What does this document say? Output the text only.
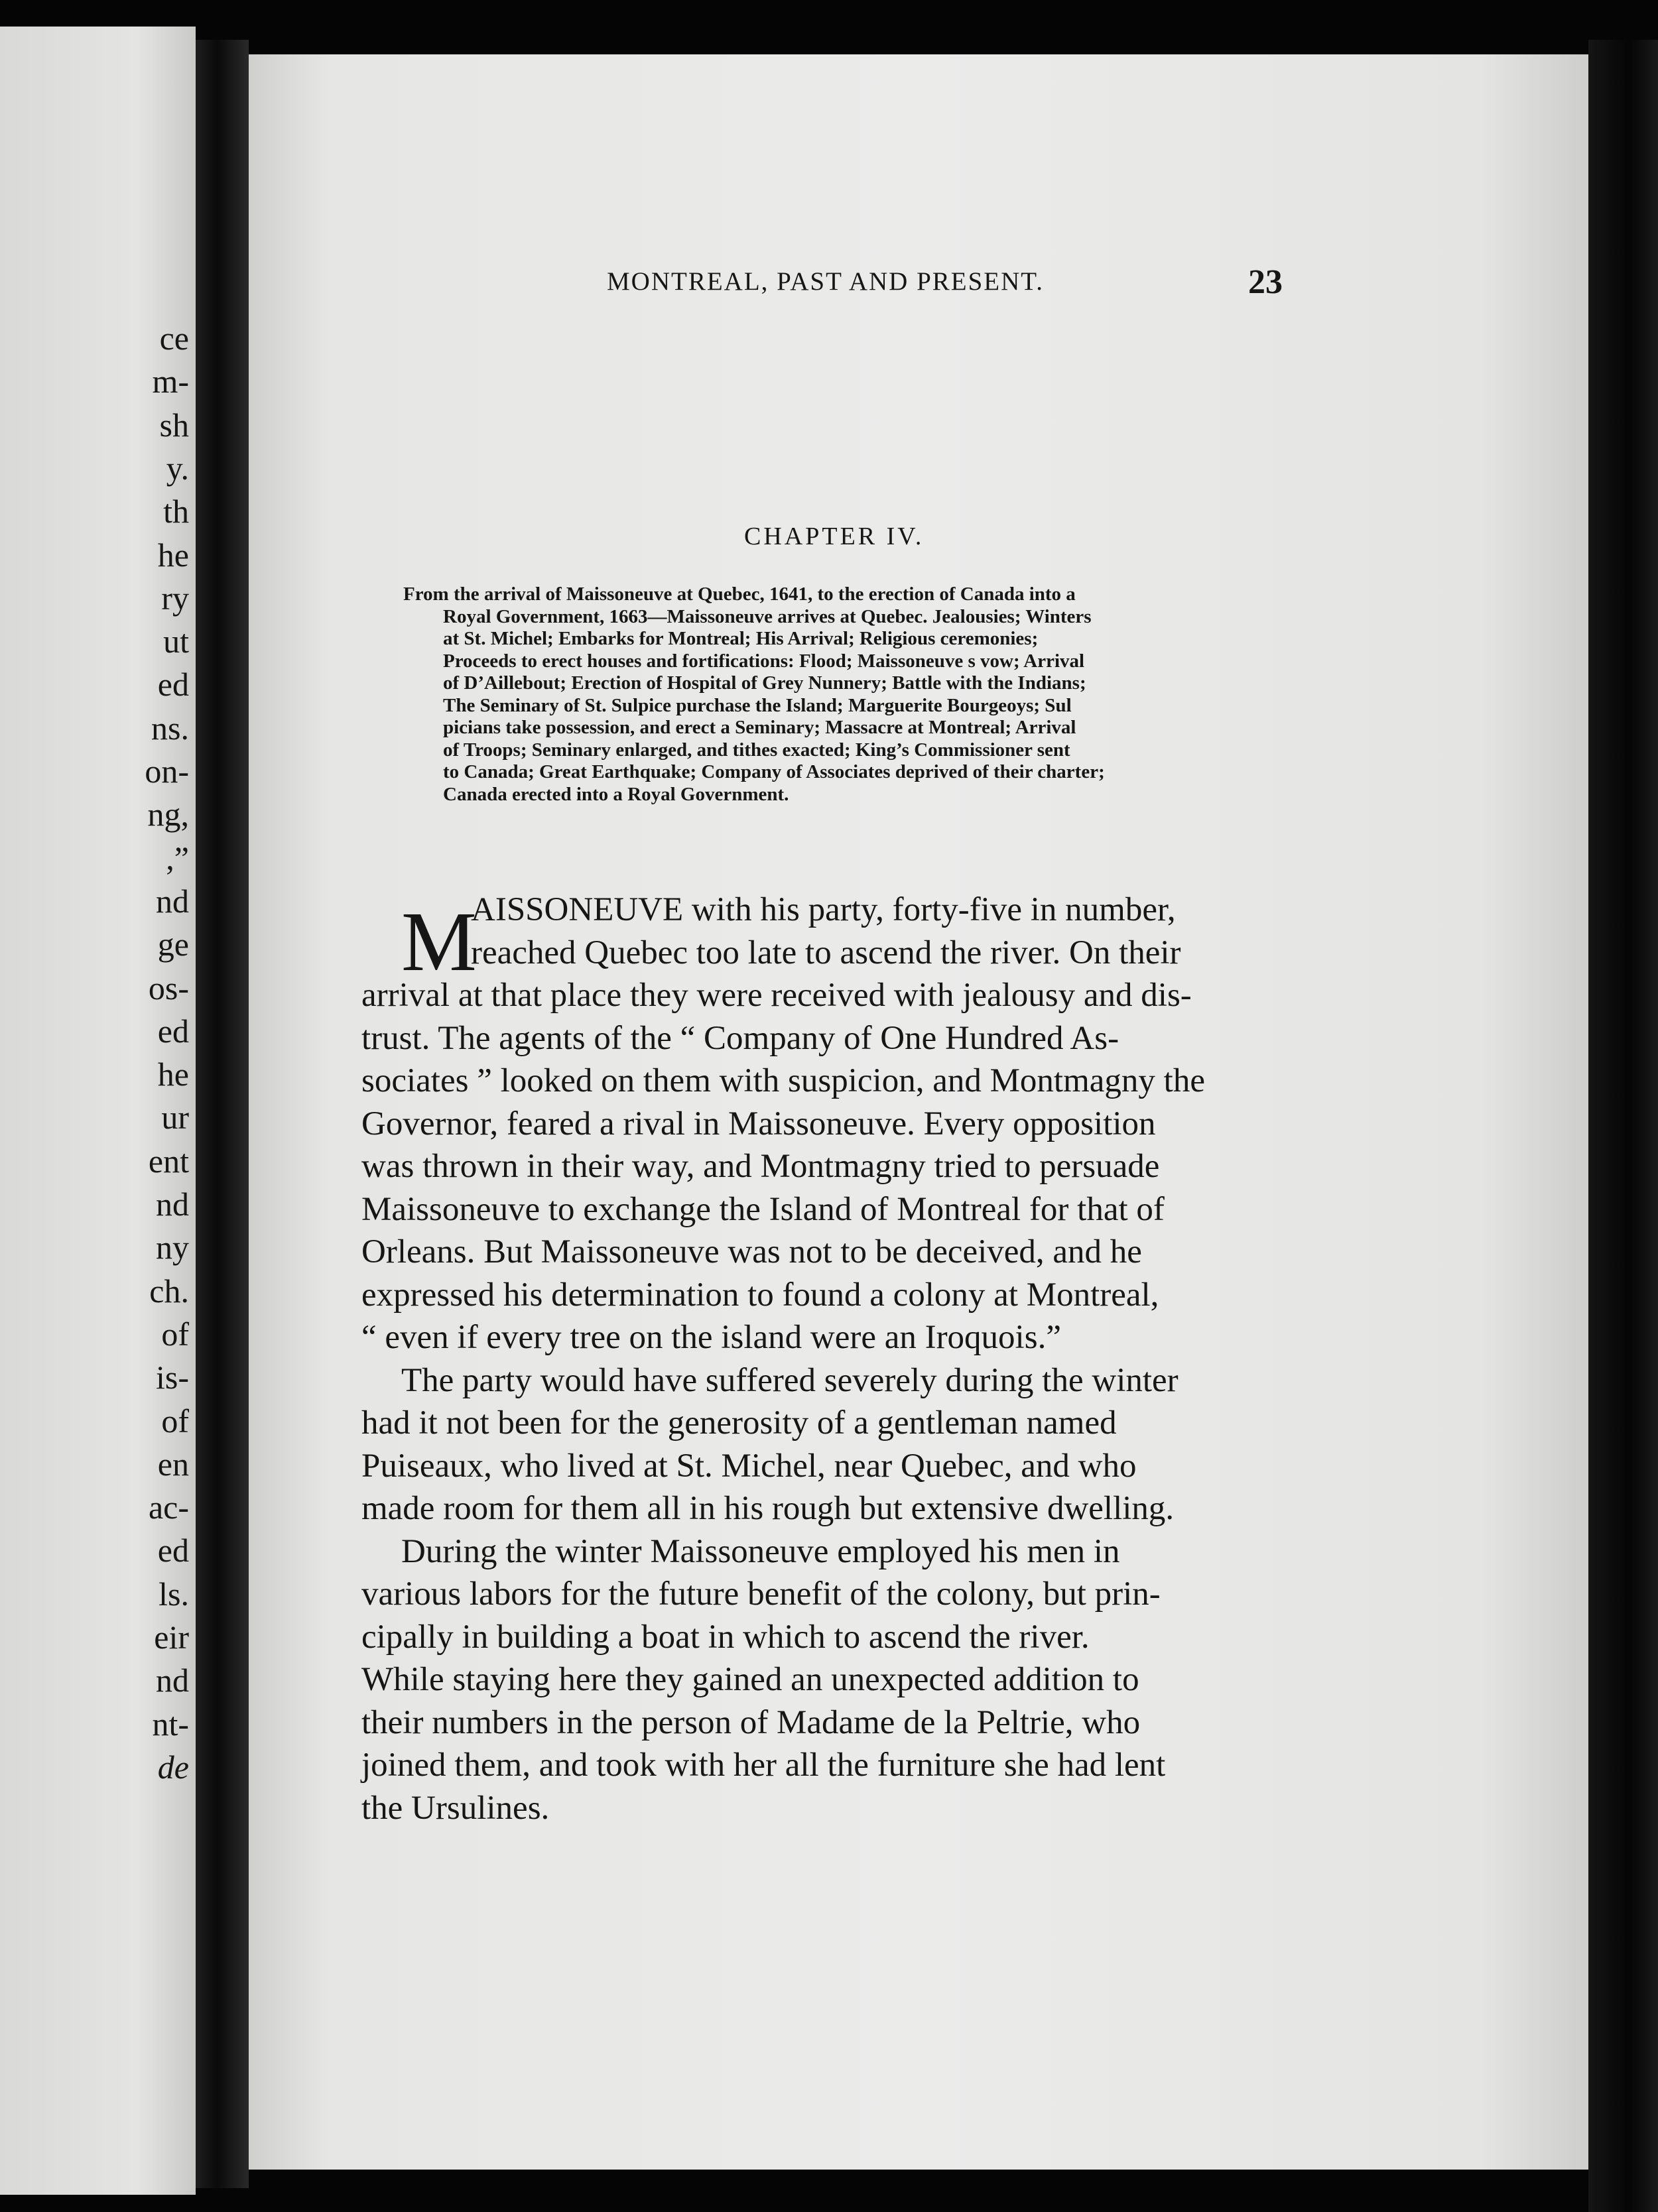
ce
m-
sh
y.
th
he
ry
ut
ed
ns.
on-
ng,
,”
nd
ge
os-
ed
he
ur
ent
nd
ny
ch.
of
is-
of
en
ac-
ed
ls.
eir
nd
nt-
de
MONTREAL, PAST AND PRESENT.	23
CHAPTER IV.
From the arrival of Maissoneuve at Quebec, 1641, to the erection of Canada into a
Royal Government, 1663—Maissoneuve arrives at Quebec. Jealousies; Winters
at St. Michel; Embarks for Montreal; His Arrival; Religious ceremonies;
Proceeds to erect houses and fortifications: Flood; Maissoneuve s vow; Arrival
of D’Aillebout; Erection of Hospital of Grey Nunnery; Battle with the Indians;
The Seminary of St. Sulpice purchase the Island; Marguerite Bourgeoys; Sul
picians take possession, and erect a Seminary; Massacre at Montreal; Arrival
of Troops; Seminary enlarged, and tithes exacted; King’s Commissioner sent
to Canada; Great Earthquake; Company of Associates deprived of their charter;
Canada erected into a Royal Government.
M
AISSONEUVE with his party, forty-five in number,
reached Quebec too late to ascend the river. On their
arrival at that place they were received with jealousy and dis-
trust. The agents of the “ Company of One Hundred As-
sociates ” looked on them with suspicion, and Montmagny the
Governor, feared a rival in Maissoneuve. Every opposition
was thrown in their way, and Montmagny tried to persuade
Maissoneuve to exchange the Island of Montreal for that of
Orleans. But Maissoneuve was not to be deceived, and he
expressed his determination to found a colony at Montreal,
“ even if every tree on the island were an Iroquois.”
The party would have suffered severely during the winter
had it not been for the generosity of a gentleman named
Puiseaux, who lived at St. Michel, near Quebec, and who
made room for them all in his rough but extensive dwelling.
During the winter Maissoneuve employed his men in
various labors for the future benefit of the colony, but prin-
cipally in building a boat in which to ascend the river.
While staying here they gained an unexpected addition to
their numbers in the person of Madame de la Peltrie, who
joined them, and took with her all the furniture she had lent
the Ursulines.
